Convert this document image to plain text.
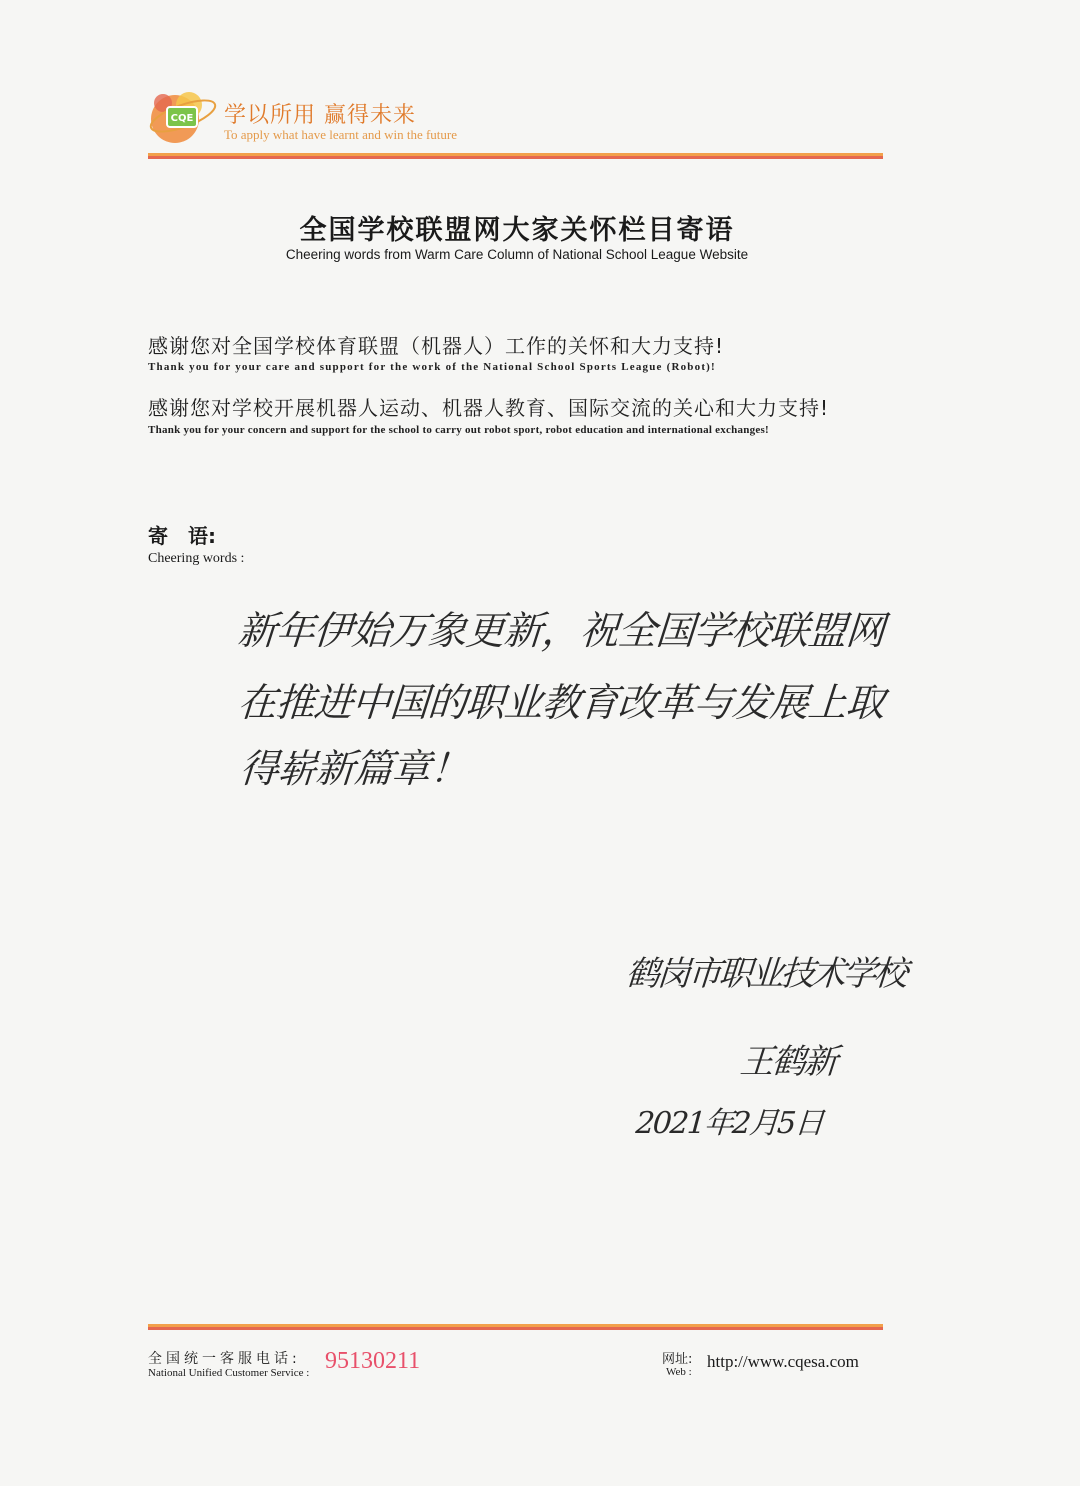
CQE 学以所用 赢得未来
To apply what have learnt and win the future
全国学校联盟网大家关怀栏目寄语
Cheering words from Warm Care Column of National School League Website
感谢您对全国学校体育联盟（机器人）工作的关怀和大力支持!
Thank you for your care and support for the work of the National School Sports League (Robot)!
感谢您对学校开展机器人运动、机器人教育、国际交流的关心和大力支持!
Thank you for your concern and support for the school to carry out robot sport, robot education and international exchanges!
寄　语:
Cheering words :
新年伊始万象更新，祝全国学校联盟网
在推进中国的职业教育改革与发展上取
得崭新篇章！
鹤岗市职业技术学校
王鹤新
2021年2月5日
全国统一客服电话:
National Unified Customer Service : 95130211	网址:
Web :
http://www.cqesa.com
